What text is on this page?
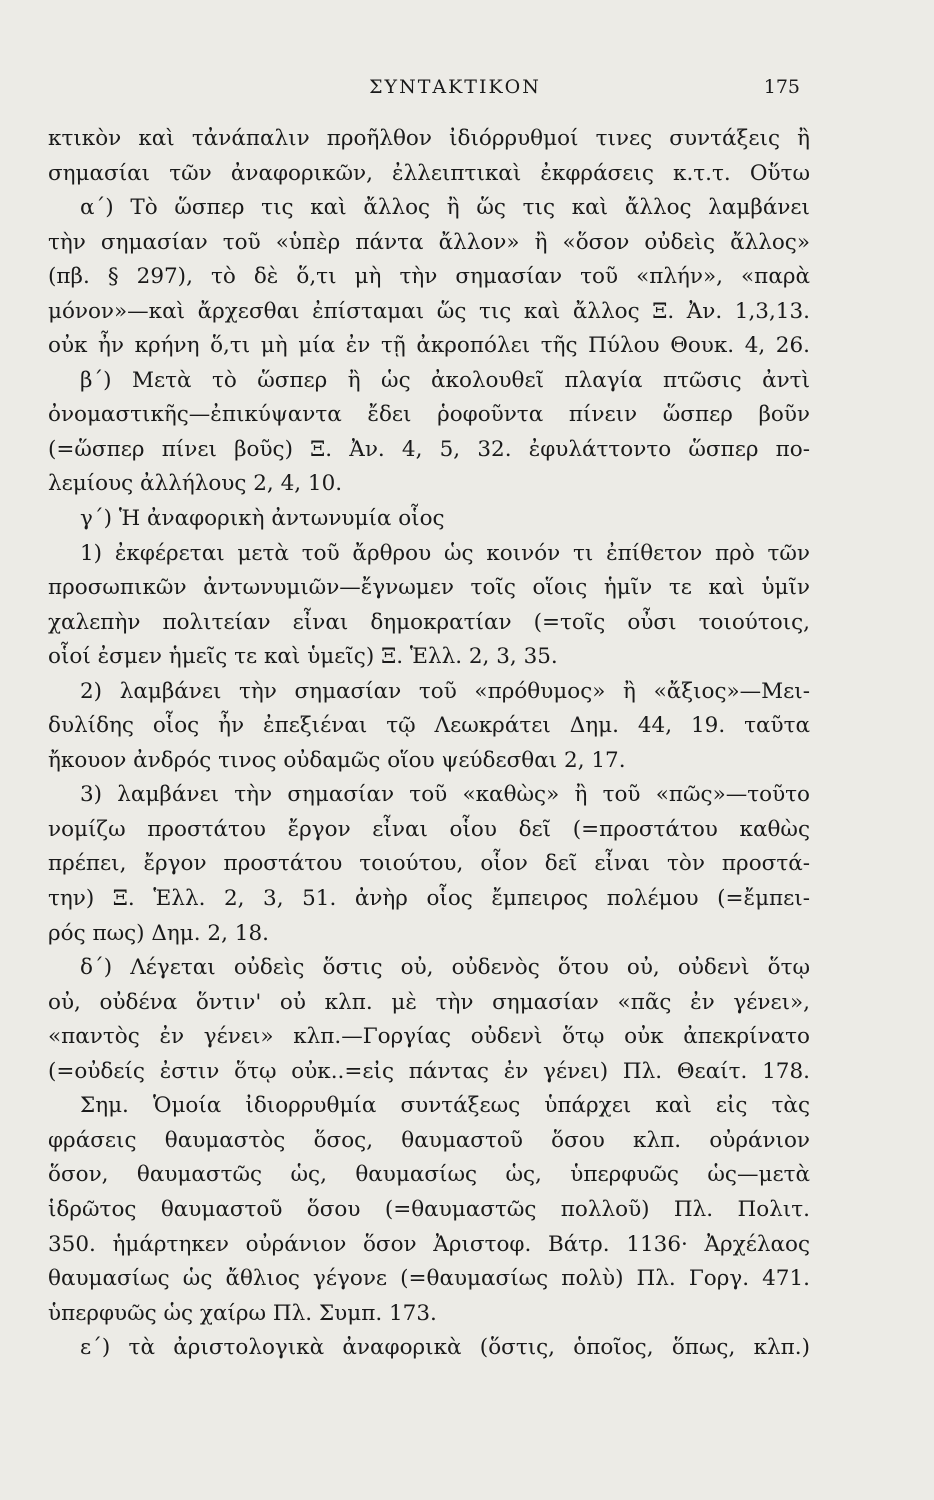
ΣΥΝΤΑΚΤΙΚΟΝ	175
κτικὸν καὶ τἀνάπαλιν προῆλθον ἰδιόρρυθμοί τινες συντάξεις ἢ
σημασίαι τῶν ἀναφορικῶν, ἐλλειπτικαὶ ἐκφράσεις κ.τ.τ. Οὕτω
α΄) Τὸ ὥσπερ τις καὶ ἄλλος ἢ ὥς τις καὶ ἄλλος λαμβάνει
τὴν σημασίαν τοῦ «ὑπὲρ πάντα ἄλλον» ἢ «ὅσον οὐδεὶς ἄλλος»
(πβ. § 297), τὸ δὲ ὅ,τι μὴ τὴν σημασίαν τοῦ «πλήν», «παρὰ
μόνον»—καὶ ἄρχεσθαι ἐπίσταμαι ὥς τις καὶ ἄλλος Ξ. Ἀν. 1,3,13.
οὐκ ἦν κρήνη ὅ,τι μὴ μία ἐν τῇ ἀκροπόλει τῆς Πύλου Θουκ. 4, 26.
β΄) Μετὰ τὸ ὥσπερ ἢ ὡς ἀκολουθεῖ πλαγία πτῶσις ἀντὶ
ὀνομαστικῆς—ἐπικύψαντα ἔδει ῥοφοῦντα πίνειν ὥσπερ βοῦν
(=ὥσπερ πίνει βοῦς) Ξ. Ἀν. 4, 5, 32. ἐφυλάττοντο ὥσπερ πο-
λεμίους ἀλλήλους 2, 4, 10.
γ΄) Ἡ ἀναφορικὴ ἀντωνυμία οἷος
1) ἐκφέρεται μετὰ τοῦ ἄρθρου ὡς κοινόν τι ἐπίθετον πρὸ τῶν
προσωπικῶν ἀντωνυμιῶν—ἔγνωμεν τοῖς οἵοις ἡμῖν τε καὶ ὑμῖν
χαλεπὴν πολιτείαν εἶναι δημοκρατίαν (=τοῖς οὖσι τοιούτοις,
οἷοί ἐσμεν ἡμεῖς τε καὶ ὑμεῖς) Ξ. Ἑλλ. 2, 3, 35.
2) λαμβάνει τὴν σημασίαν τοῦ «πρόθυμος» ἢ «ἄξιος»—Μει-
δυλίδης οἷος ἦν ἐπεξιέναι τῷ Λεωκράτει Δημ. 44, 19. ταῦτα
ἤκουον ἀνδρός τινος οὐδαμῶς οἵου ψεύδεσθαι 2, 17.
3) λαμβάνει τὴν σημασίαν τοῦ «καθὼς» ἢ τοῦ «πῶς»—τοῦτο
νομίζω προστάτου ἔργον εἶναι οἷου δεῖ (=προστάτου καθὼς
πρέπει, ἔργον προστάτου τοιούτου, οἷον δεῖ εἶναι τὸν προστά-
την) Ξ. Ἑλλ. 2, 3, 51. ἀνὴρ οἷος ἔμπειρος πολέμου (=ἔμπει-
ρός πως) Δημ. 2, 18.
δ΄) Λέγεται οὐδεὶς ὅστις οὐ, οὐδενὸς ὅτου οὐ, οὐδενὶ ὅτῳ
οὐ, οὐδένα ὅντιν' οὐ κλπ. μὲ τὴν σημασίαν «πᾶς ἐν γένει»,
«παντὸς ἐν γένει» κλπ.—Γοργίας οὐδενὶ ὅτῳ οὐκ ἀπεκρίνατο
(=οὐδείς ἐστιν ὅτῳ οὐκ..=εἰς πάντας ἐν γένει) Πλ. Θεαίτ. 178.
Σημ. Ὁμοία ἰδιορρυθμία συντάξεως ὑπάρχει καὶ εἰς τὰς
φράσεις θαυμαστὸς ὅσος, θαυμαστοῦ ὅσου κλπ. οὐράνιον
ὅσον, θαυμαστῶς ὡς, θαυμασίως ὡς, ὑπερφυῶς ὡς—μετὰ
ἱδρῶτος θαυμαστοῦ ὅσου (=θαυμαστῶς πολλοῦ) Πλ. Πολιτ.
350. ἡμάρτηκεν οὐράνιον ὅσον Ἀριστοφ. Βάτρ. 1136· Ἀρχέλαος
θαυμασίως ὡς ἄθλιος γέγονε (=θαυμασίως πολὺ) Πλ. Γοργ. 471.
ὑπερφυῶς ὡς χαίρω Πλ. Συμπ. 173.
ε΄) τὰ ἀριστολογικὰ ἀναφορικὰ (ὅστις, ὁποῖος, ὅπως, κλπ.)
